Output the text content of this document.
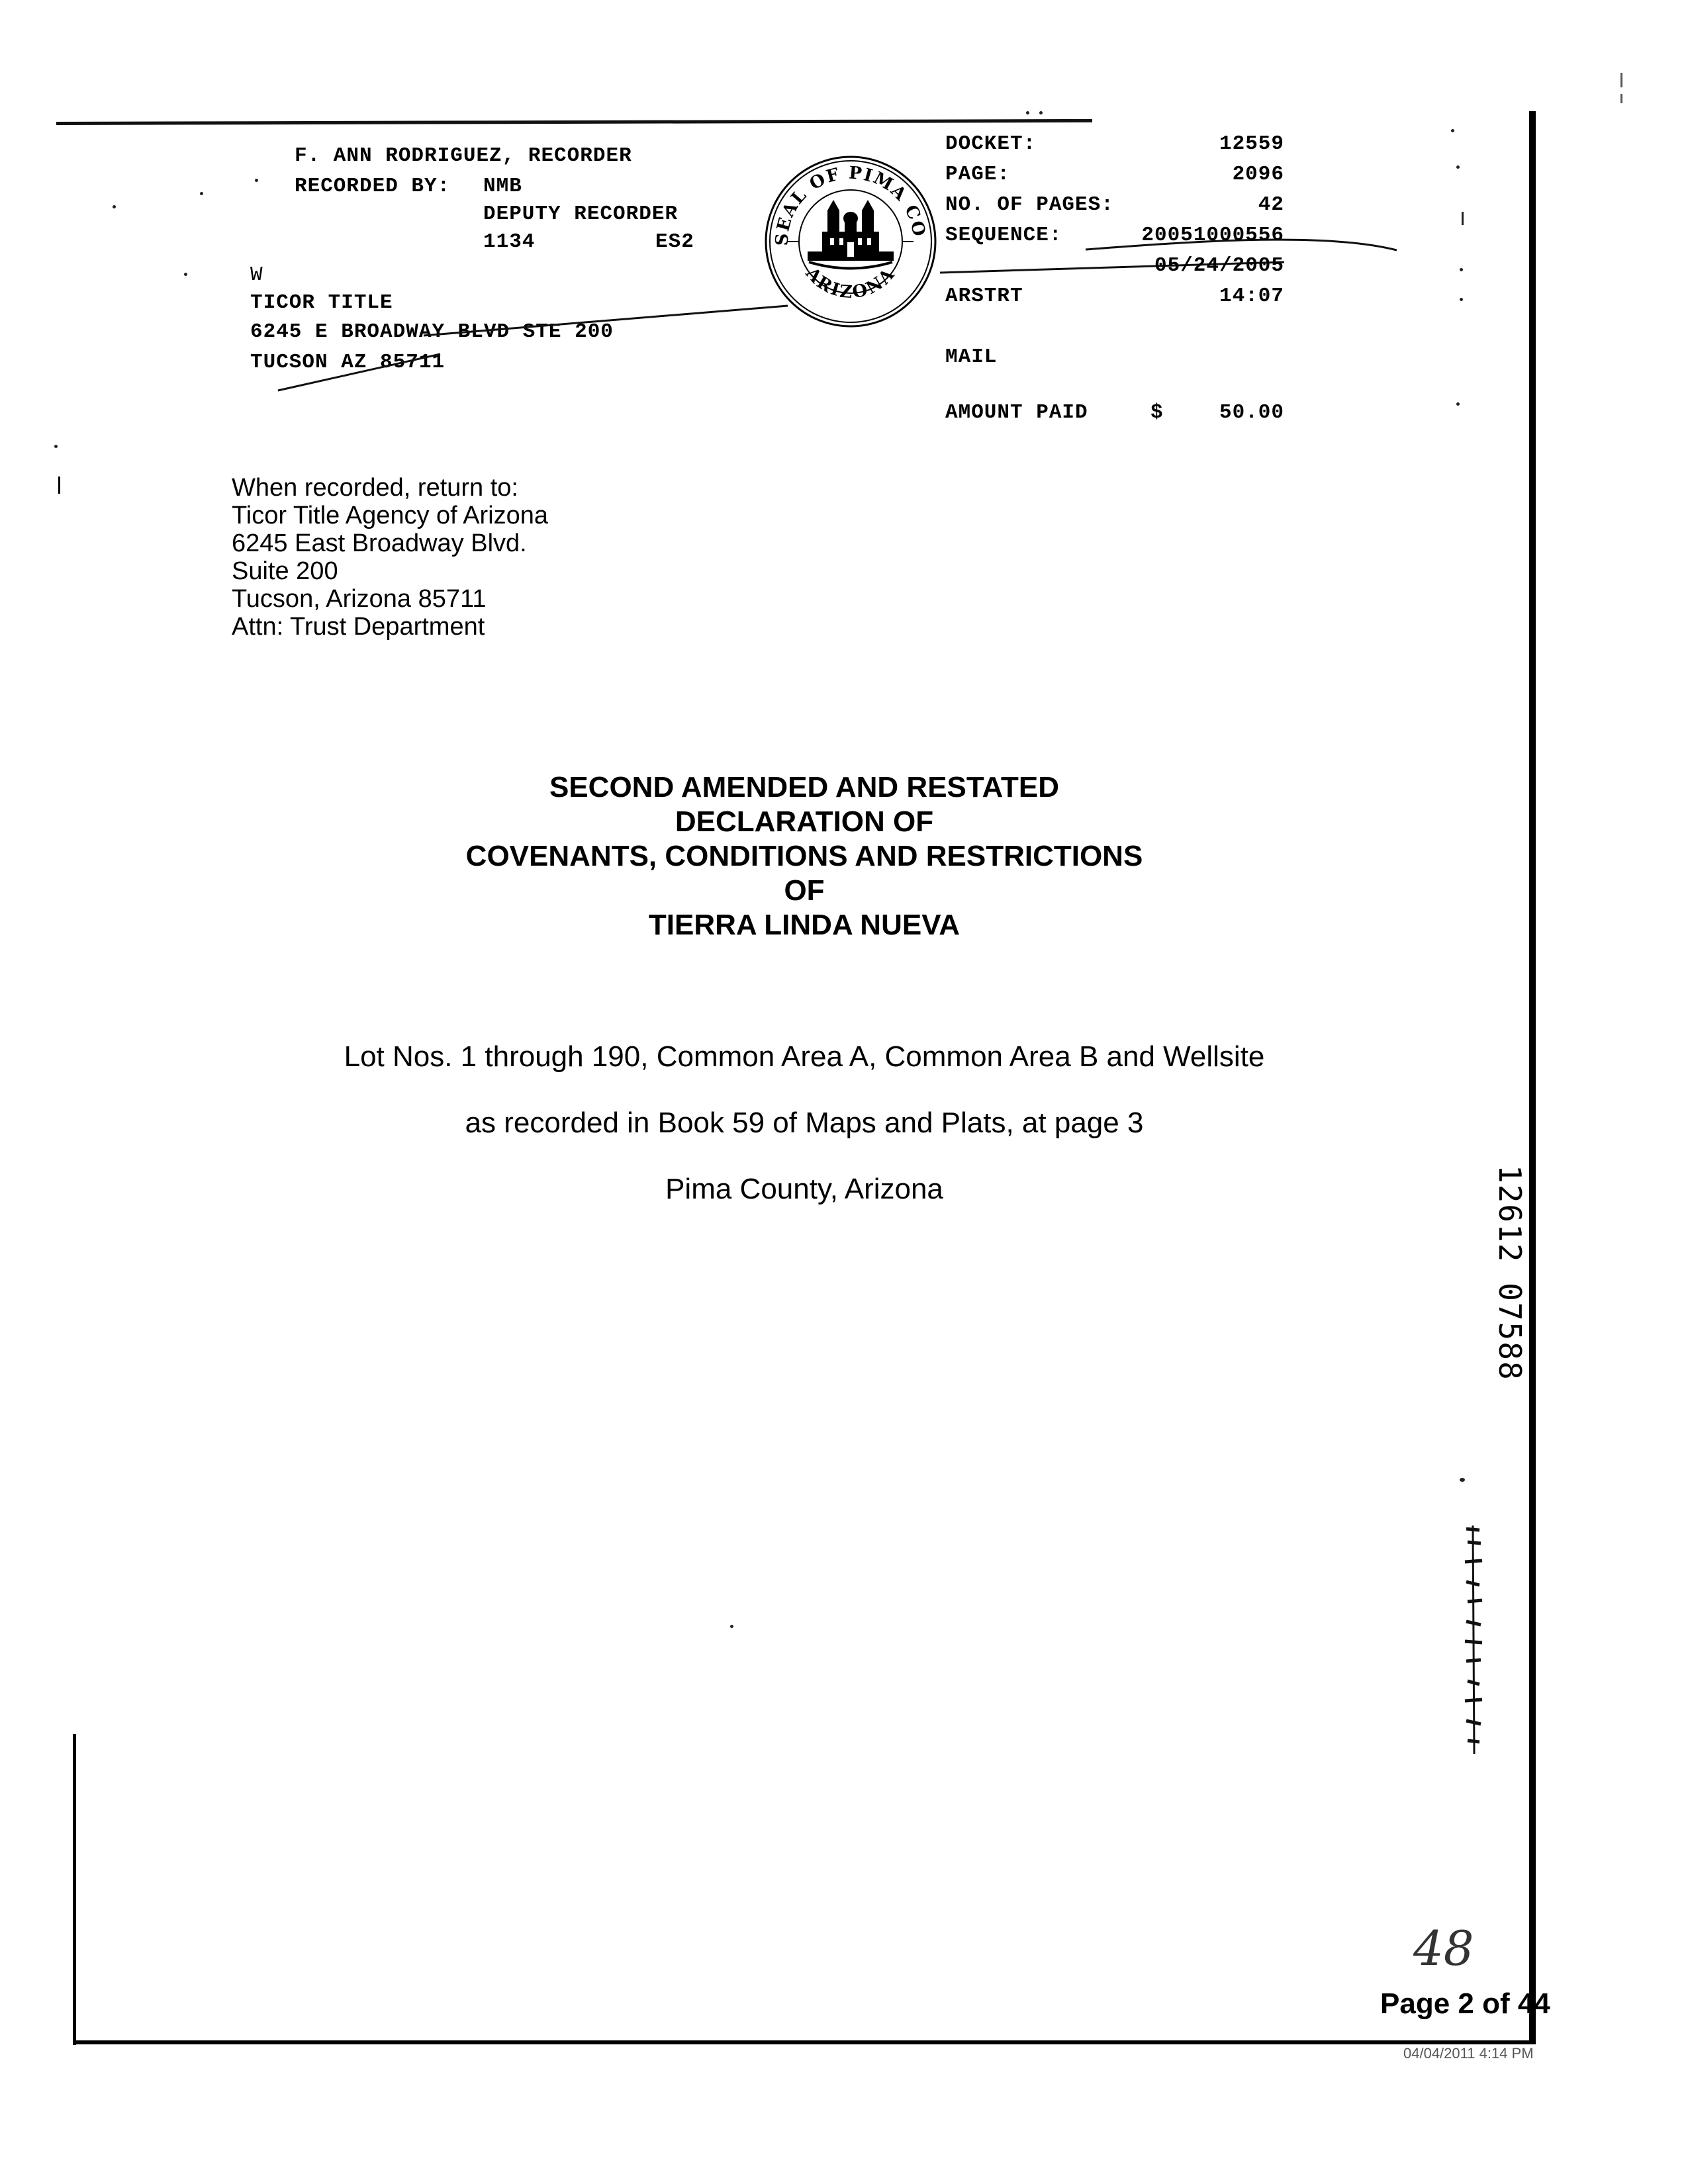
F. ANN RODRIGUEZ, RECORDER
RECORDED BY: NMB
DEPUTY RECORDER
1134	ES2
W
TICOR TITLE
6245 E BROADWAY BLVD STE 200
TUCSON AZ 85711
SEAL OF PIMA CO
ARIZONA
DOCKET:	12559
PAGE:	2096
NO. OF PAGES:	42
SEQUENCE:	20051000556
05/24/2005
ARSTRT	14:07
MAIL
AMOUNT PAID	$	50.00
When recorded, return to:
Ticor Title Agency of Arizona
6245 East Broadway Blvd.
Suite 200
Tucson, Arizona 85711
Attn: Trust Department
SECOND AMENDED AND RESTATED
DECLARATION OF
COVENANTS, CONDITIONS AND RESTRICTIONS
OF
TIERRA LINDA NUEVA
Lot Nos. 1 through 190, Common Area A, Common Area B and Wellsite
as recorded in Book 59 of Maps and Plats, at page 3
Pima County, Arizona	12612 07588
48
Page 2 of 44
04/04/2011 4:14 PM
